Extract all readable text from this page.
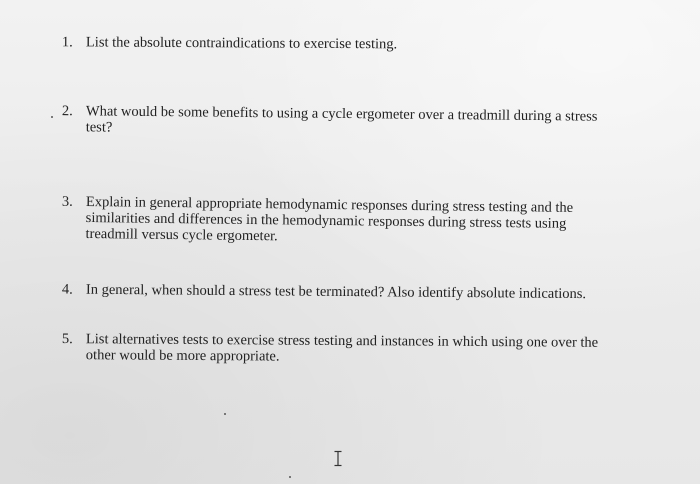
1. List the absolute contraindications to exercise testing.
2. What would be some benefits to using a cycle ergometer over a treadmill during a stress test?
3. Explain in general appropriate hemodynamic responses during stress testing and the similarities and differences in the hemodynamic responses during stress tests using treadmill versus cycle ergometer.
4. In general, when should a stress test be terminated? Also identify absolute indications.
5. List alternatives tests to exercise stress testing and instances in which using one over the other would be more appropriate.
